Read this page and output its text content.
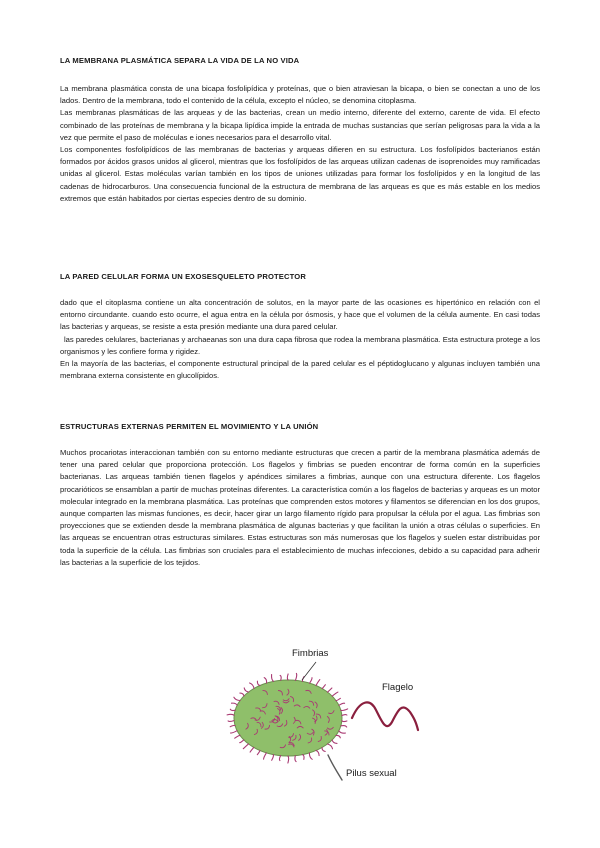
LA MEMBRANA PLASMÁTICA SEPARA LA VIDA DE LA NO VIDA

La membrana plasmática consta de una bicapa fosfolipídica y proteínas, que o bien atraviesan la bicapa, o bien se conectan a uno de los lados. Dentro de la membrana, todo el contenido de la célula, excepto el núcleo, se denomina citoplasma.

Las membranas plasmáticas de las arqueas y de las bacterias, crean un medio interno, diferente del externo, carente de vida. El efecto combinado de las proteínas de membrana y la bicapa lipídica impide la entrada de muchas sustancias que serían peligrosas para la vida a la vez que permite el paso de moléculas e iones necesarios para el desarrollo vital.

Los componentes fosfolipídicos de las membranas de bacterias y arqueas difieren en su estructura. Los fosfolípidos bacterianos están formados por ácidos grasos unidos al glicerol, mientras que los fosfolípidos de las arqueas utilizan cadenas de isoprenoides muy ramificadas unidas al glicerol. Estas moléculas varían también en los tipos de uniones utilizadas para formar los fosfolípidos y en la longitud de las cadenas de hidrocarburos. Una consecuencia funcional de la estructura de membrana de las arqueas es que es más estable en los medios extremos que están habitados por ciertas especies dentro de su dominio.

LA PARED CELULAR FORMA UN EXOSESQUELETO PROTECTOR

dado que el citoplasma contiene un alta concentración de solutos, en la mayor parte de las ocasiones es hipertónico en relación con el entorno circundante. cuando esto ocurre, el agua entra en la célula por ósmosis, y hace que el volumen de la célula aumente. En casi todas las bacterias y arqueas, se resiste a esta presión mediante una dura pared celular.

las paredes celulares, bacterianas y archaeanas son una dura capa fibrosa que rodea la membrana plasmática. Esta estructura protege a los organismos y les confiere forma y rigidez.

En la mayoría de las bacterias, el componente estructural principal de la pared celular es el péptidoglucano y algunas incluyen también una membrana externa consistente en glucolípidos.

ESTRUCTURAS EXTERNAS PERMITEN EL MOVIMIENTO Y LA UNIÓN

Muchos procariotas interaccionan también con su entorno mediante estructuras que crecen a partir de la membrana plasmática además de tener una pared celular que proporciona protección. Los flagelos y fimbrias se pueden encontrar de forma común en la superficies bacterianas. Las arqueas también tienen flagelos y apéndices similares a fimbrias, aunque con una estructura diferente. Los flagelos procarióticos se ensamblan a partir de muchas proteínas diferentes. La característica común a los flagelos de bacterias y arqueas es un motor molecular integrado en la membrana plasmática. Las proteínas que comprenden estos motores y filamentos se diferencian en los dos grupos, aunque comparten las mismas funciones, es decir, hacer girar un largo filamento rígido para propulsar la célula por el agua. Las fimbrias son proyecciones que se extienden desde la membrana plasmática de algunas bacterias y que facilitan la unión a otras células o superficies. En las arqueas se encuentran otras estructuras similares. Estas estructuras son más numerosas que los flagelos y suelen estar distribuidas por toda la superficie de la célula. Las fimbrias son cruciales para el establecimiento de muchas infecciones, debido a su capacidad para adherir las bacterias a la superficie de los tejidos.

Fimbrias
Flagelo
Pilus sexual
